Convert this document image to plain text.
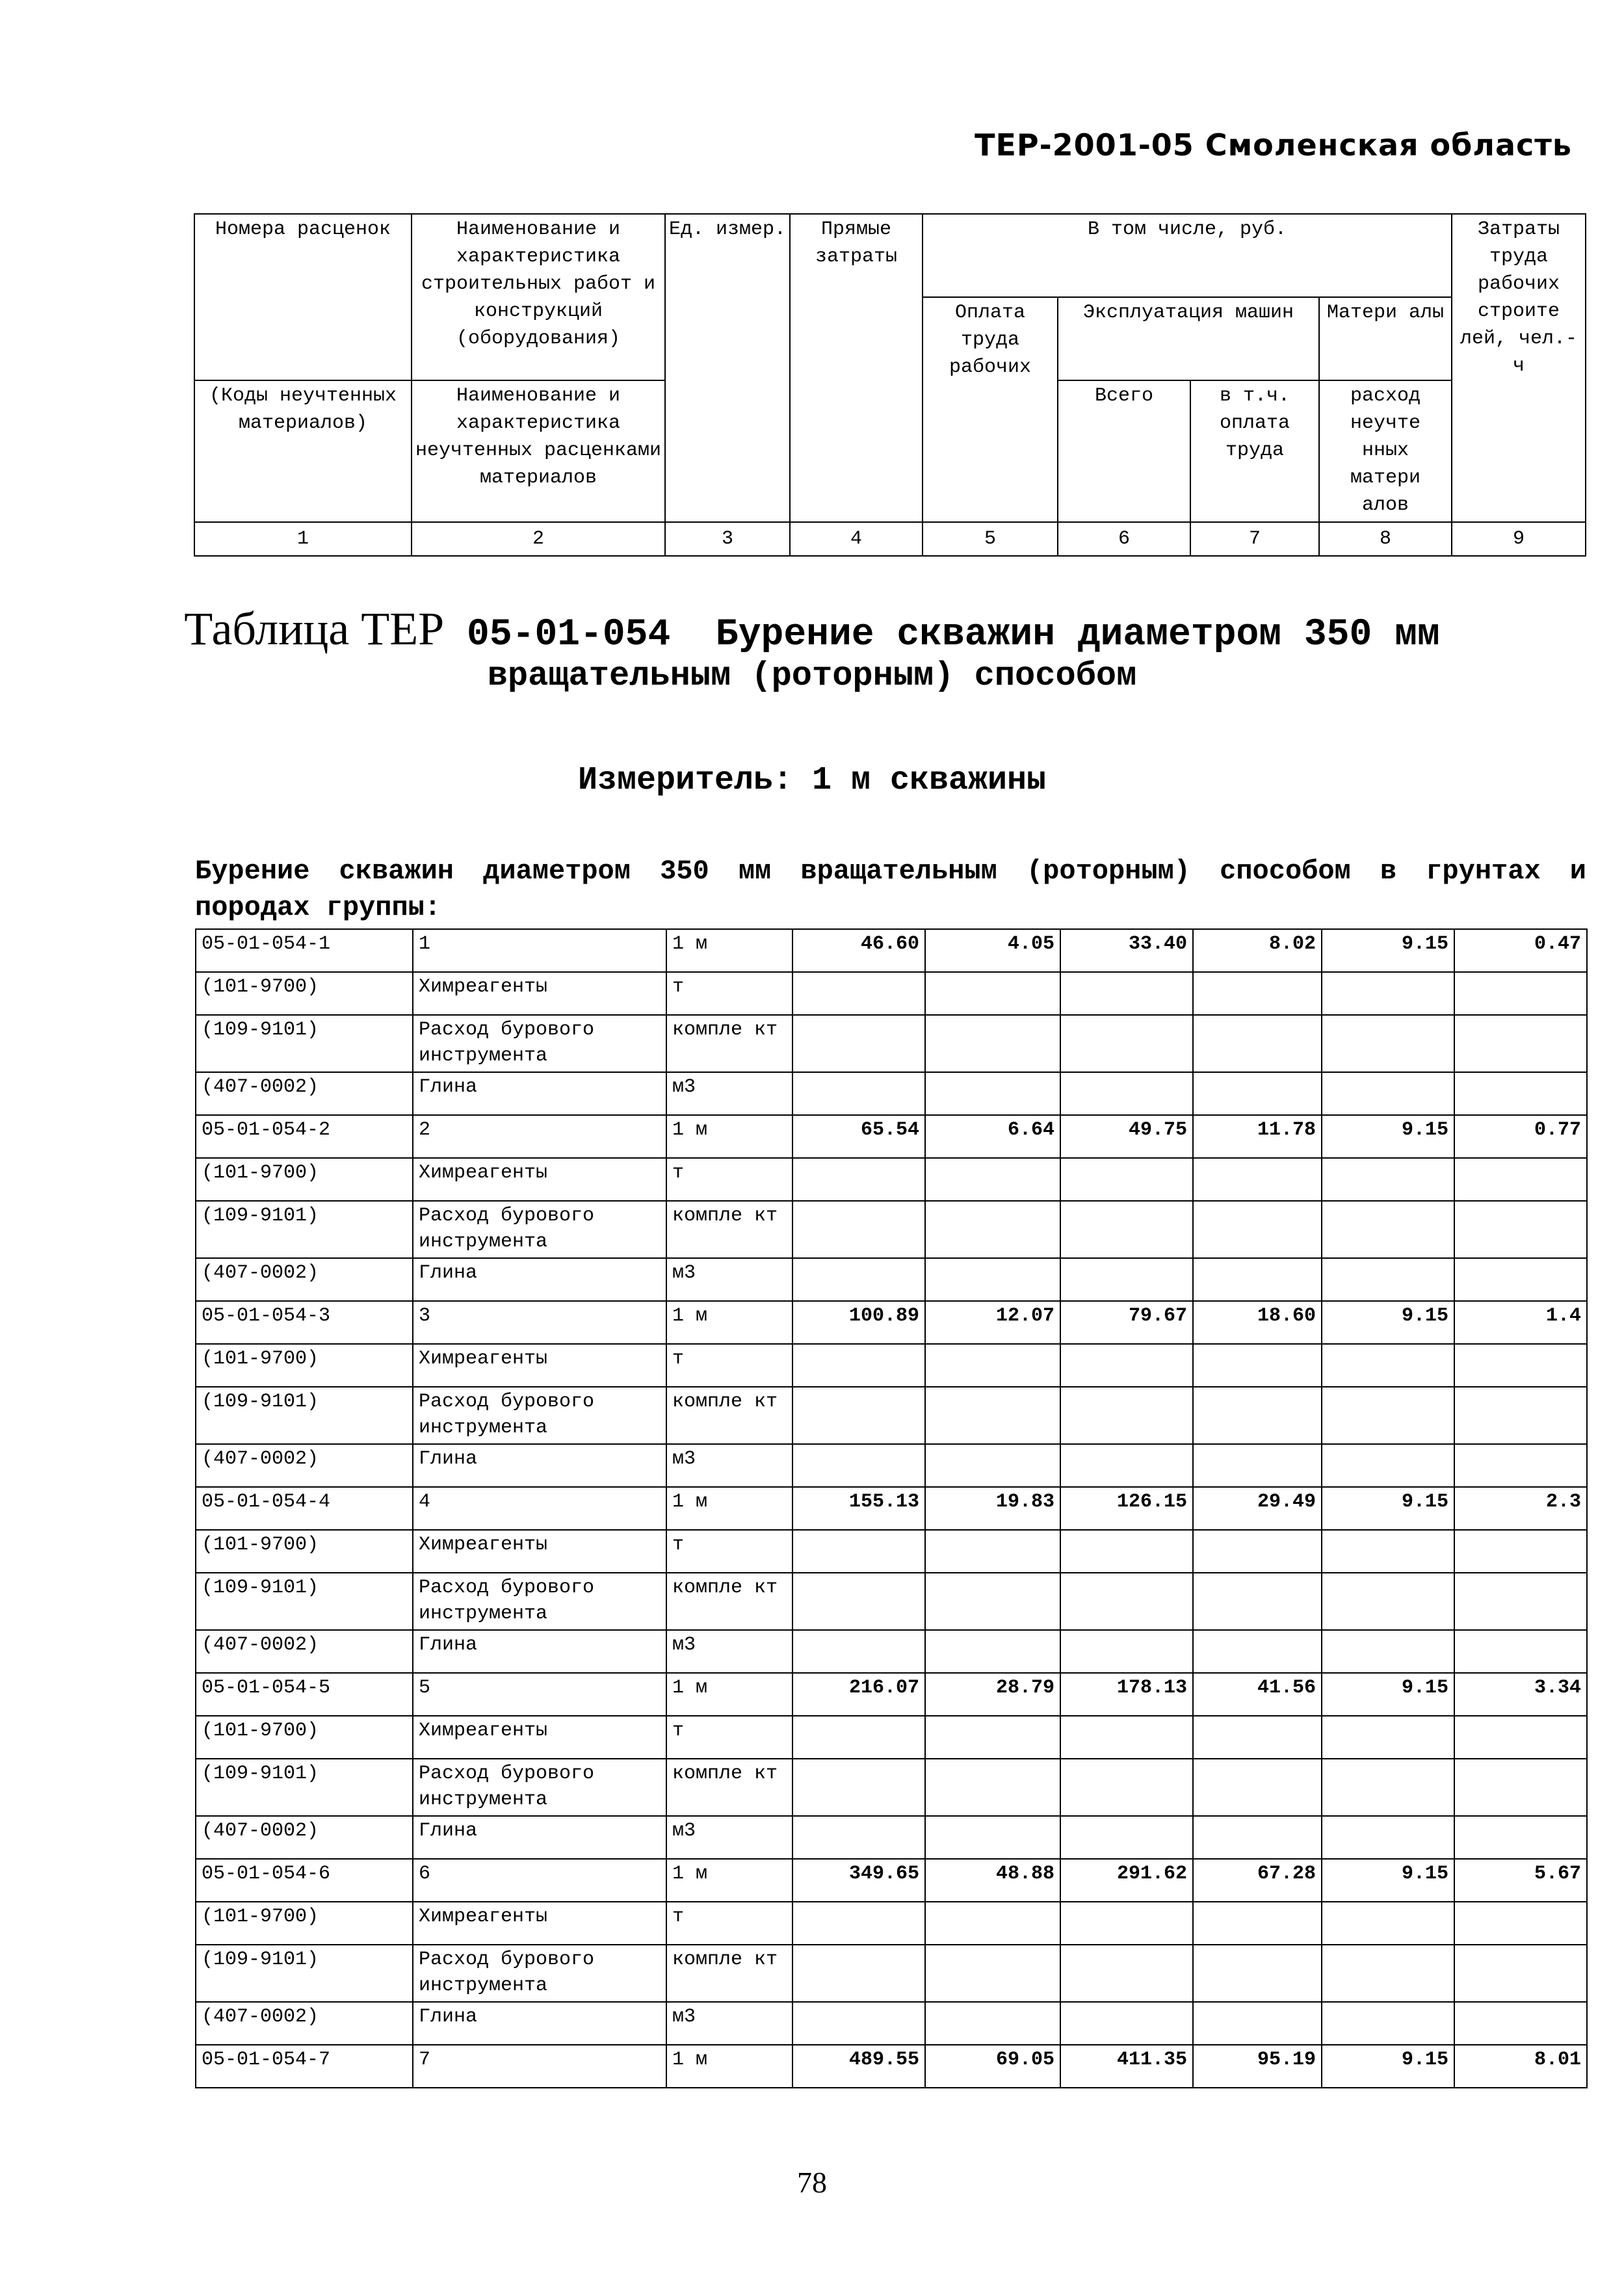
ТЕР-2001-05 Смоленская область
Номера расценок	Наименование и характеристика строительных работ и конструкций (оборудования)	Ед. измер.	Прямые затраты	В том числе, руб.				Затраты труда рабочих строите лей, чел.-ч
				Оплата труда рабочих	Эксплуатация машин		Матери алы	
(Коды неучтенных материалов)	Наименование и характеристика неучтенных расценками материалов				Всего	в т.ч. оплата труда	расход неучте нных матери алов	
1	2	3	4	5	6	7	8	9
Таблица ТЕР 05-01-054 Бурение скважин диаметром 350 мм
вращательным (роторным) способом
Измеритель: 1 м скважины
Бурение скважин диаметром 350 мм вращательным (роторным) способом в грунтах и породах группы:
05-01-054-1	1	1 м	46.60	4.05	33.40	8.02	9.15	0.47
(101-9700)	Химреагенты	т						
(109-9101)	Расход бурового инструмента	компле кт						
(407-0002)	Глина	м3						
05-01-054-2	2	1 м	65.54	6.64	49.75	11.78	9.15	0.77
(101-9700)	Химреагенты	т						
(109-9101)	Расход бурового инструмента	компле кт						
(407-0002)	Глина	м3						
05-01-054-3	3	1 м	100.89	12.07	79.67	18.60	9.15	1.4
(101-9700)	Химреагенты	т						
(109-9101)	Расход бурового инструмента	компле кт						
(407-0002)	Глина	м3						
05-01-054-4	4	1 м	155.13	19.83	126.15	29.49	9.15	2.3
(101-9700)	Химреагенты	т						
(109-9101)	Расход бурового инструмента	компле кт						
(407-0002)	Глина	м3						
05-01-054-5	5	1 м	216.07	28.79	178.13	41.56	9.15	3.34
(101-9700)	Химреагенты	т						
(109-9101)	Расход бурового инструмента	компле кт						
(407-0002)	Глина	м3						
05-01-054-6	6	1 м	349.65	48.88	291.62	67.28	9.15	5.67
(101-9700)	Химреагенты	т						
(109-9101)	Расход бурового инструмента	компле кт						
(407-0002)	Глина	м3						
05-01-054-7	7	1 м	489.55	69.05	411.35	95.19	9.15	8.01
78
